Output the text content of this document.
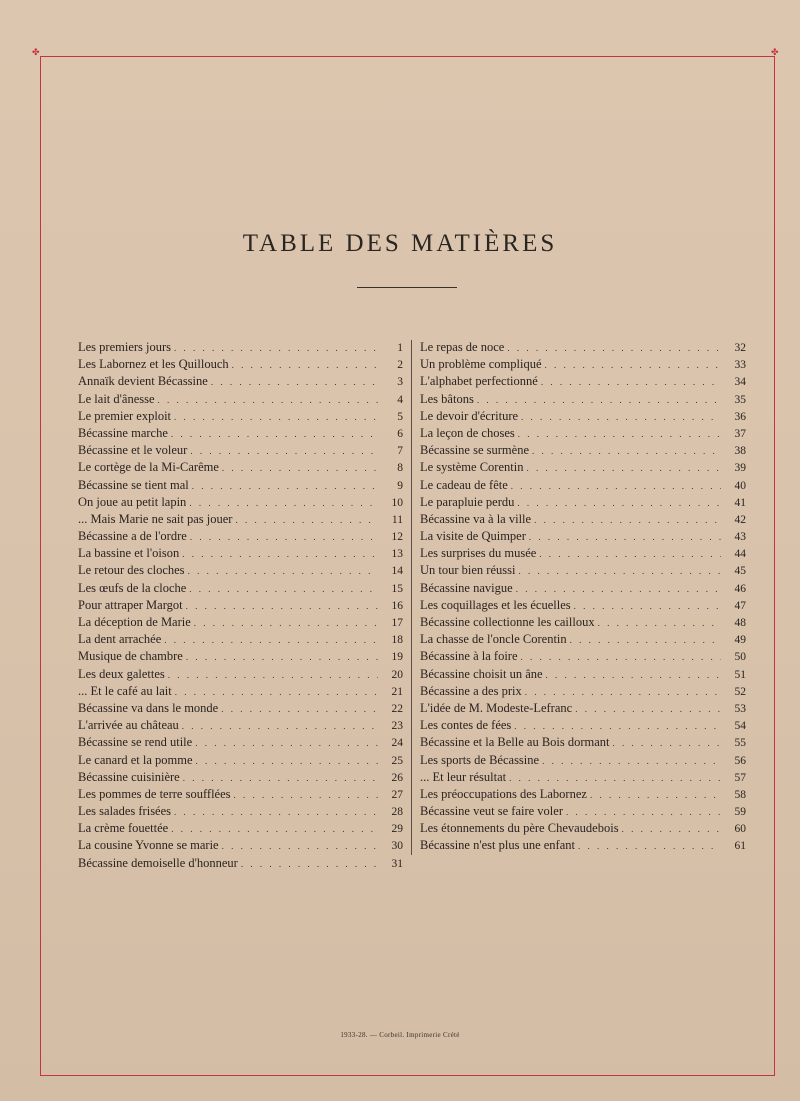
✤	✤
TABLE DES MATIÈRES
Les premiers jours . . .	1
Les Labornez et les Quillouch . . .	2
Annaïk devient Bécassine . . .	3
Le lait d'ânesse . . .	4
Le premier exploit . . .	5
Bécassine marche . . .	6
Bécassine et le voleur . . .	7
Le cortège de la Mi-Carême . . .	8
Bécassine se tient mal . . .	9
On joue au petit lapin . . .	10
... Mais Marie ne sait pas jouer . . .	11
Bécassine a de l'ordre . . .	12
La bassine et l'oison . . .	13
Le retour des cloches . . .	14
Les œufs de la cloche . . .	15
Pour attraper Margot . . .	16
La déception de Marie . . .	17
La dent arrachée . . .	18
Musique de chambre . . .	19
Les deux galettes . . .	20
... Et le café au lait . . .	21
Bécassine va dans le monde . . .	22
L'arrivée au château . . .	23
Bécassine se rend utile . . .	24
Le canard et la pomme . . .	25
Bécassine cuisinière . . .	26
Les pommes de terre soufflées . . .	27
Les salades frisées . . .	28
La crème fouettée . . .	29
La cousine Yvonne se marie . . .	30
Bécassine demoiselle d'honneur . . .	31
Le repas de noce . . .	32
Un problème compliqué . . .	33
L'alphabet perfectionné . . .	34
Les bâtons . . .	35
Le devoir d'écriture . . .	36
La leçon de choses . . .	37
Bécassine se surmène . . .	38
Le système Corentin . . .	39
Le cadeau de fête . . .	40
Le parapluie perdu . . .	41
Bécassine va à la ville . . .	42
La visite de Quimper . . .	43
Les surprises du musée . . .	44
Un tour bien réussi . . .	45
Bécassine navigue . . .	46
Les coquillages et les écuelles . . .	47
Bécassine collectionne les cailloux . . .	48
La chasse de l'oncle Corentin . . .	49
Bécassine à la foire . . .	50
Bécassine choisit un âne . . .	51
Bécassine a des prix . . .	52
L'idée de M. Modeste-Lefranc . . .	53
Les contes de fées . . .	54
Bécassine et la Belle au Bois dormant . . .	55
Les sports de Bécassine . . .	56
... Et leur résultat . . .	57
Les préoccupations des Labornez . . .	58
Bécassine veut se faire voler . . .	59
Les étonnements du père Chevaudebois . . .	60
Bécassine n'est plus une enfant . . .	61
1933-28. — Corbeil. Imprimerie Crété
